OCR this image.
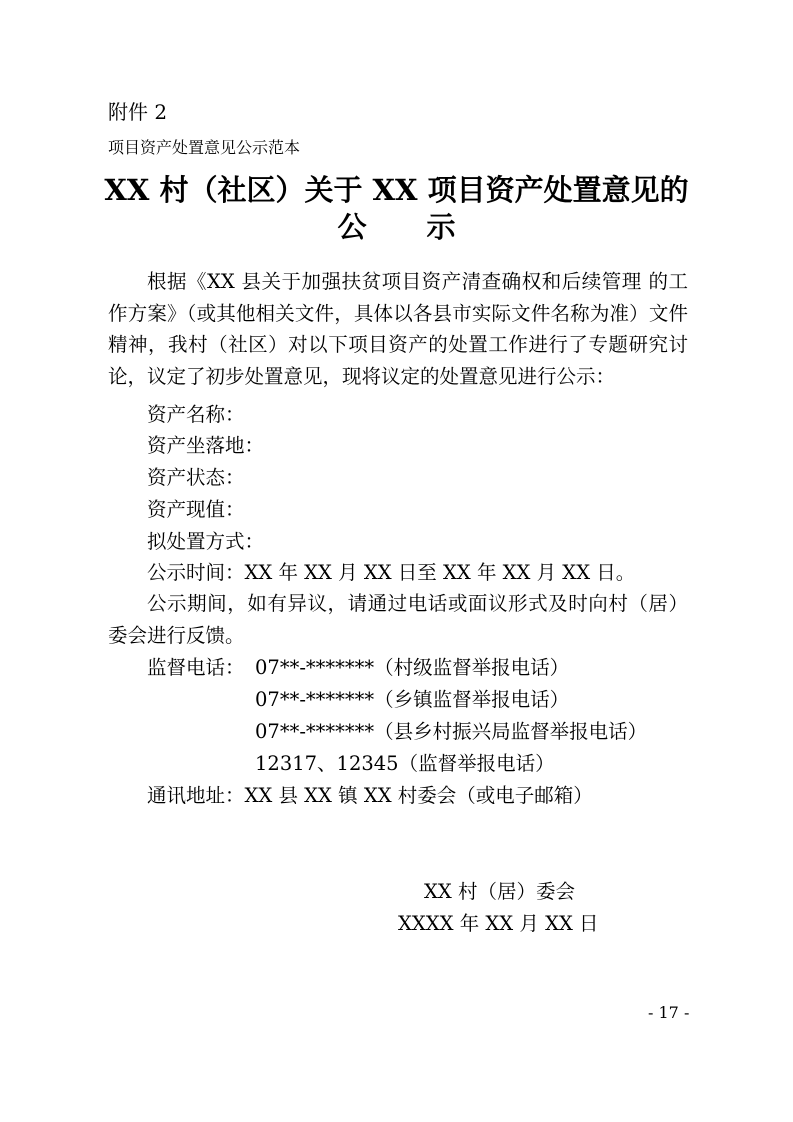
附件 2
项目资产处置意见公示范本
XX 村（社区）关于 XX 项目资产处置意见的
公 示
根据《XX 县关于加强扶贫项目资产清查确权和后续管理 的工作方案》（或其他相关文件，具体以各县市实际文件名称为准）文件精神，我村（社区）对以下项目资产的处置工作进行了专题研究讨论，议定了初步处置意见，现将议定的处置意见进行公示：
资产名称：
资产坐落地：
资产状态：
资产现值：
拟处置方式：
公示时间：XX 年 XX 月 XX 日至 XX 年 XX 月 XX 日。
公示期间，如有异议，请通过电话或面议形式及时向村（居）委会进行反馈。
监督电话： 07**-*******（村级监督举报电话）
07**-*******（乡镇监督举报电话）
07**-*******（县乡村振兴局监督举报电话）
12317、12345（监督举报电话）
通讯地址：XX 县 XX 镇 XX 村委会（或电子邮箱）
XX 村（居）委会
XXXX 年 XX 月 XX 日
- 17 -
